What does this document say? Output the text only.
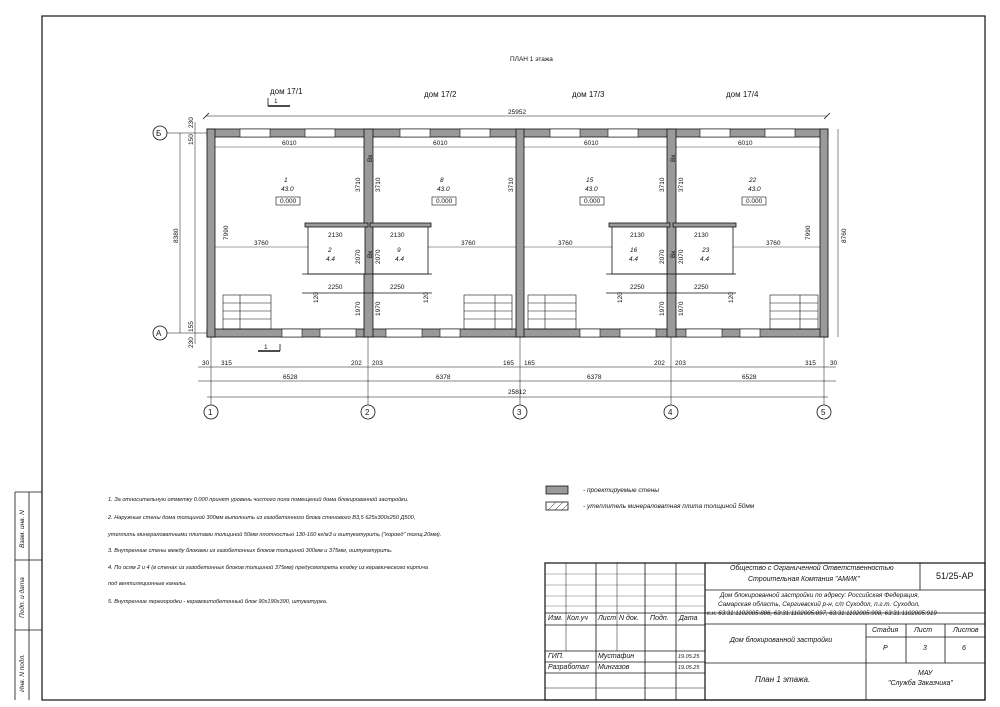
ПЛАН 1 этажа
дом 17/1	дом 17/2	дом 17/3	дом 17/4
1
1
25952
1
43.0
0.000
8
43.0
0.000
15
43.0
0.000
22
43.0
0.000
2
4.4
9
4.4
16
4.4
23
4.4
6010	6010	6010	6010
3760	3760	3760	3760
2130	2130	2130	2130
2250	2250	2250	2250
3710 3710	3710	3710 3710
2070 2070	2070 2070
1970 1970	1970 1970
120	120	120	120
7990	7990
Вк
Вк
Вк
Вк
230
150
8380
155
230
8760
Б
А
30 315	202 203	165 165	202 203	315 30
6528	6378	6378	6528
25812
1	2	3	4	5
- проектируемые стены
- утеплитель минераловатная плита толщиной 50мм
1. За относительную отметку 0.000 принят уровень чистого пола помещений дома блокированной застройки.
2. Наружные стены дома толщиной 300мм выполнить из газобетонного блока стенового В3,5 625х300х250 Д500,
утеплить минераловатными плитами толщиной 50мм плотностью 130-160 кг/м3 и оштукатурить ("короед" толщ.20мм).
3. Внутренние стены между блоками из газобетонных блоков толщиной 300мм и 375мм, оштукатурить.
4. По осям 2 и 4 (в стенах из газобетонных блоков толщиной 375мм) предусмотреть кладку из керамического кирпича
под вентиляционные каналы.
5. Внутренние перегородки - керамзитобетонный блок 90х190х390, штукатурка.
Взам. инв. N
Подп. и дата
Инв. N подл.
Общество с Ограниченной Ответственностью
Строительная Компания "АМИК"	51/25-АР
Дом блокированной застройки по адресу: Российская Федерация,
Самарская область, Сергиевский р-н, с/п Суходол, п.г.т. Суходол,
к.н. 63:31:1102005:886, 63:31:1102005:897, 63:31:1102005:908, 63:31:1102005:919
Изм. Кол.уч Лист N док. Подп. Дата
Дом блокированной застройки
Стадия Лист	Листов
Р	3	6
ГИП.	Мустафин	19.05.25
Разработал Мингазов	19.05.25
План 1 этажа.
МАУ
"Служба Заказчика"
